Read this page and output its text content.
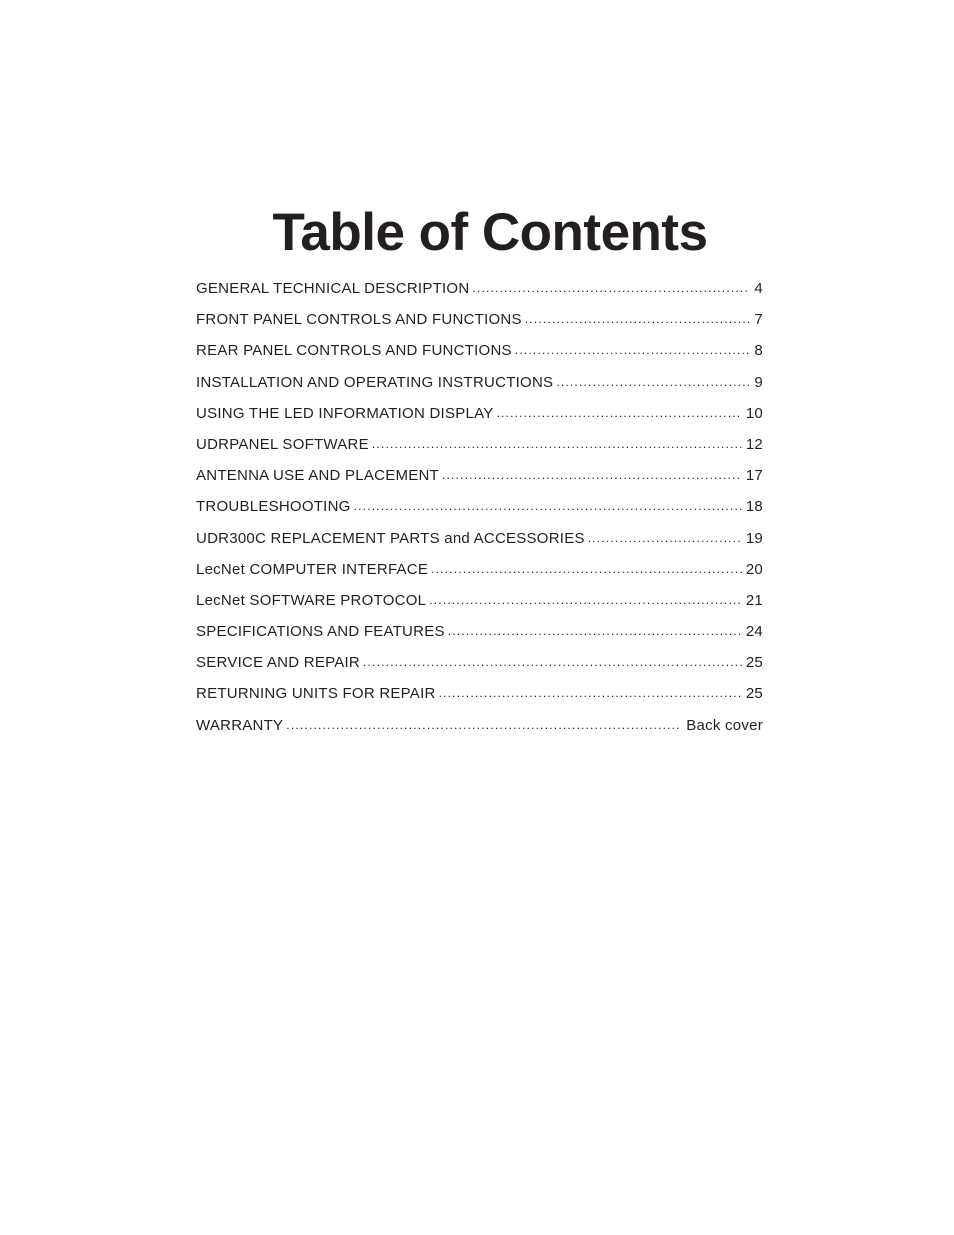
Table of Contents
GENERAL TECHNICAL DESCRIPTION .....	4
FRONT PANEL CONTROLS AND FUNCTIONS .....	7
REAR PANEL CONTROLS AND FUNCTIONS .....	8
INSTALLATION AND OPERATING INSTRUCTIONS .....	9
USING THE LED INFORMATION DISPLAY .....	10
UDRPANEL SOFTWARE .....	12
ANTENNA USE AND PLACEMENT .....	17
TROUBLESHOOTING .....	18
UDR300C REPLACEMENT PARTS and ACCESSORIES .....	19
LecNet COMPUTER INTERFACE .....	20
LecNet SOFTWARE PROTOCOL .....	21
SPECIFICATIONS AND FEATURES .....	24
SERVICE AND REPAIR .....	25
RETURNING UNITS FOR REPAIR .....	25
WARRANTY .....	Back cover
